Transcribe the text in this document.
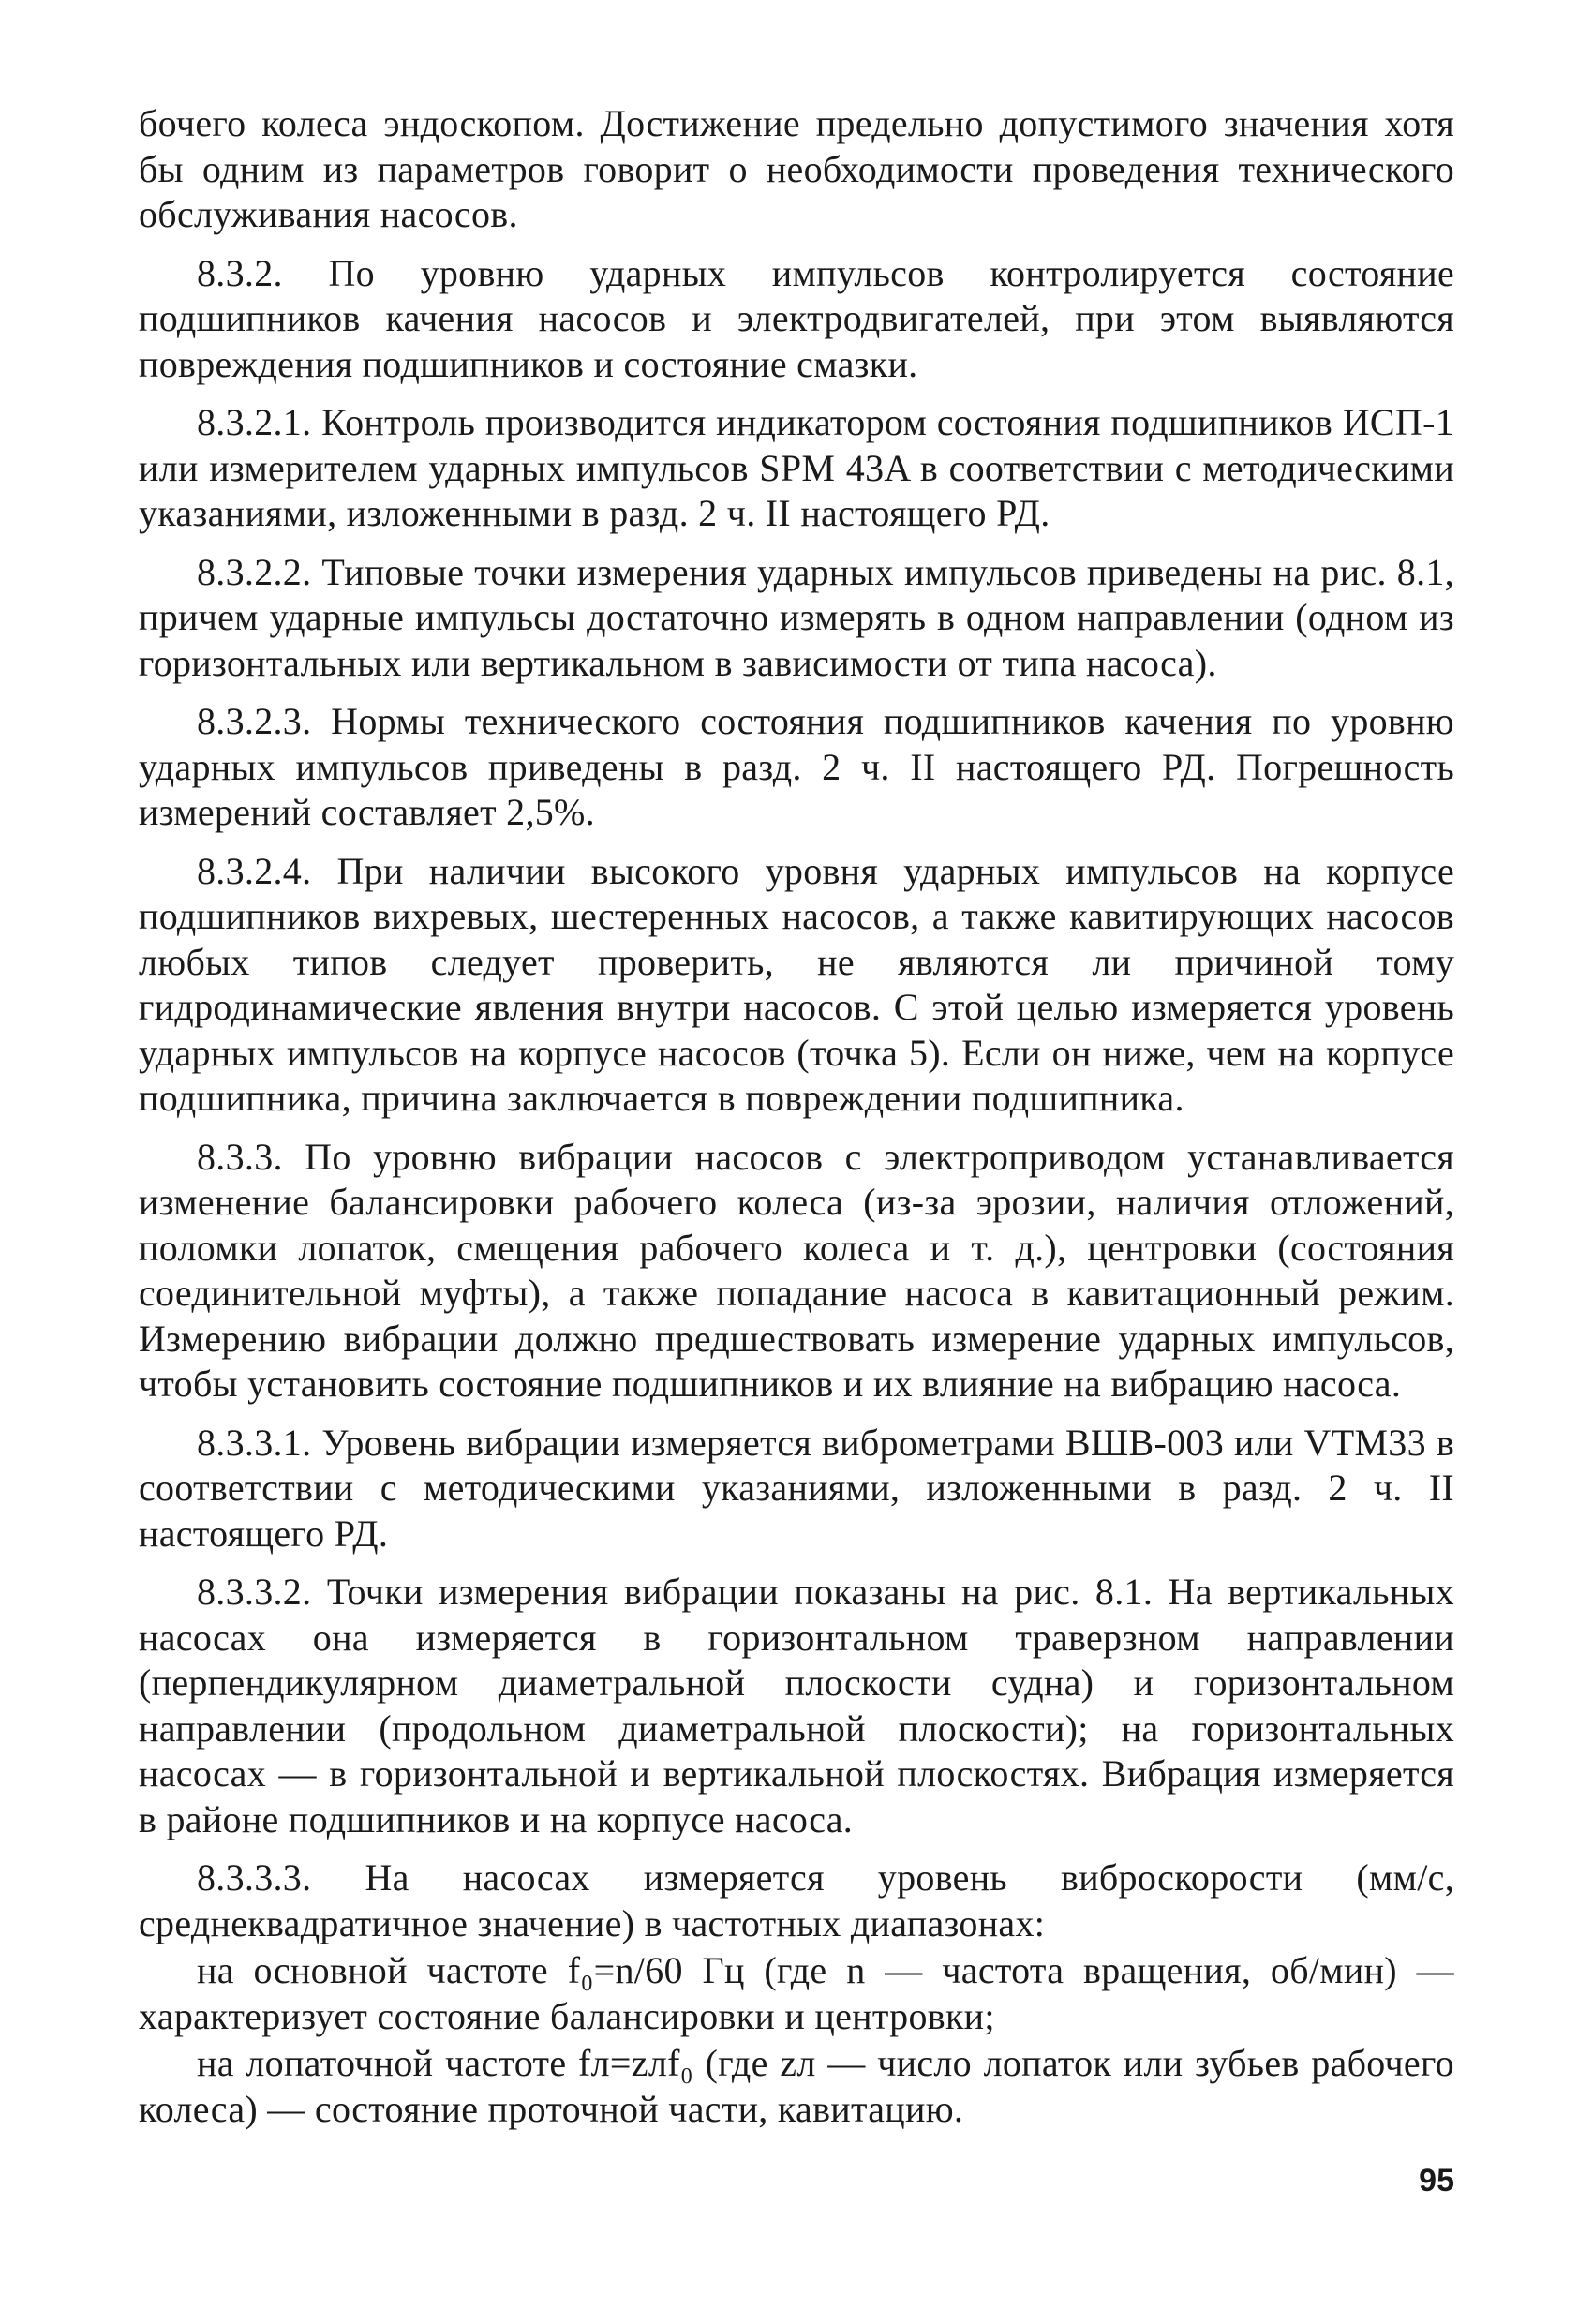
бочего колеса эндоскопом. Достижение предельно допустимого значения хотя бы одним из параметров говорит о необходимости проведения технического обслуживания насосов.

8.3.2. По уровню ударных импульсов контролируется состояние подшипников качения насосов и электродвигателей, при этом выявляются повреждения подшипников и состояние смазки.

8.3.2.1. Контроль производится индикатором состояния подшипников ИСП-1 или измерителем ударных импульсов SPM 43A в соответствии с методическими указаниями, изложенными в разд. 2 ч. II настоящего РД.

8.3.2.2. Типовые точки измерения ударных импульсов приведены на рис. 8.1, причем ударные импульсы достаточно измерять в одном направлении (одном из горизонтальных или вертикальном в зависимости от типа насоса).

8.3.2.3. Нормы технического состояния подшипников качения по уровню ударных импульсов приведены в разд. 2 ч. II настоящего РД. Погрешность измерений составляет 2,5%.

8.3.2.4. При наличии высокого уровня ударных импульсов на корпусе подшипников вихревых, шестеренных насосов, а также кавитирующих насосов любых типов следует проверить, не являются ли причиной тому гидродинамические явления внутри насосов. С этой целью измеряется уровень ударных импульсов на корпусе насосов (точка 5). Если он ниже, чем на корпусе подшипника, причина заключается в повреждении подшипника.

8.3.3. По уровню вибрации насосов с электроприводом устанавливается изменение балансировки рабочего колеса (из-за эрозии, наличия отложений, поломки лопаток, смещения рабочего колеса и т. д.), центровки (состояния соединительной муфты), а также попадание насоса в кавитационный режим. Измерению вибрации должно предшествовать измерение ударных импульсов, чтобы установить состояние подшипников и их влияние на вибрацию насоса.

8.3.3.1. Уровень вибрации измеряется виброметрами ВШВ-003 или VTM33 в соответствии с методическими указаниями, изложенными в разд. 2 ч. II настоящего РД.

8.3.3.2. Точки измерения вибрации показаны на рис. 8.1. На вертикальных насосах она измеряется в горизонтальном траверзном направлении (перпендикулярном диаметральной плоскости судна) и горизонтальном направлении (продольном диаметральной плоскости); на горизонтальных насосах — в горизонтальной и вертикальной плоскостях. Вибрация измеряется в районе подшипников и на корпусе насоса.

8.3.3.3. На насосах измеряется уровень виброскорости (мм/с, среднеквадратичное значение) в частотных диапазонах:

на основной частоте f₀=n/60 Гц (где n — частота вращения, об/мин) — характеризует состояние балансировки и центровки;

на лопаточной частоте fл=zлf₀ (где zл — число лопаток или зубьев рабочего колеса) — состояние проточной части, кавитацию.

95
